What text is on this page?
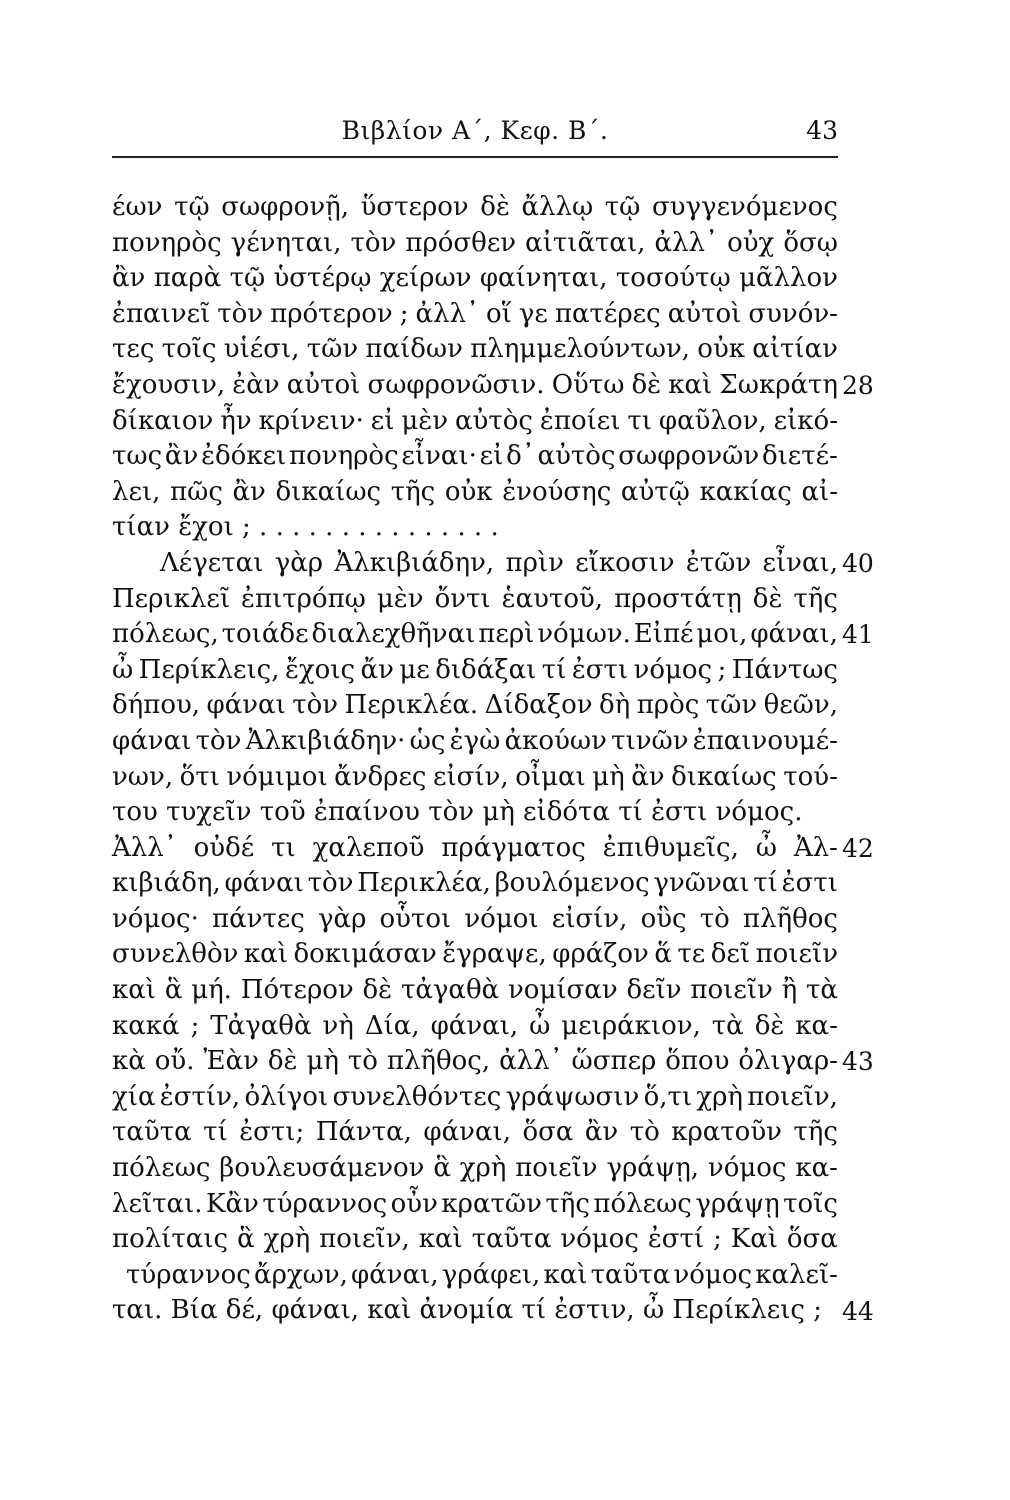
Βιβλίον Α΄, Κεφ. Β΄.	43
έων τῷ σωφρονῇ, ὕστερον δὲ ἄλλῳ τῷ συγγενόμενος
πονηρὸς γένηται, τὸν πρόσθεν αἰτιᾶται, ἀλλ᾽ οὐχ ὅσῳ
ἂν παρὰ τῷ ὑστέρῳ χείρων φαίνηται, τοσούτῳ μᾶλλον
ἐπαινεῖ τὸν πρότερον ; ἀλλ᾽ οἵ γε πατέρες αὐτοὶ συνόν-
τες τοῖς υἱέσι, τῶν παίδων πλημμελούντων, οὐκ αἰτίαν
ἔχουσιν, ἐὰν αὐτοὶ σωφρονῶσιν. Οὕτω δὲ καὶ Σωκράτη
δίκαιον ἦν κρίνειν· εἰ μὲν αὐτὸς ἐποίει τι φαῦλον, εἰκό-
τως ἂν ἐδόκει πονηρὸς εἶναι· εἰ δ᾽ αὐτὸς σωφρονῶν διετέ-
λει, πῶς ἂν δικαίως τῆς οὐκ ἐνούσης αὐτῷ κακίας αἰ-
τίαν ἔχοι ; . . . . . . . . . . . . . . .
Λέγεται γὰρ Ἀλκιβιάδην, πρὶν εἴκοσιν ἐτῶν εἶναι,
Περικλεῖ ἐπιτρόπῳ μὲν ὄντι ἑαυτοῦ, προστάτῃ δὲ τῆς
πόλεως, τοιάδε διαλεχθῆναι περὶ νόμων. Εἰπέ μοι, φάναι,
ὦ Περίκλεις, ἔχοις ἄν με διδάξαι τί ἐστι νόμος ; Πάντως
δήπου, φάναι τὸν Περικλέα. Δίδαξον δὴ πρὸς τῶν θεῶν,
φάναι τὸν Ἀλκιβιάδην· ὡς ἐγὼ ἀκούων τινῶν ἐπαινουμέ-
νων, ὅτι νόμιμοι ἄνδρες εἰσίν, οἶμαι μὴ ἂν δικαίως τού-
του τυχεῖν τοῦ ἐπαίνου τὸν μὴ εἰδότα τί ἐστι νόμος.
Ἀλλ᾽ οὐδέ τι χαλεποῦ πράγματος ἐπιθυμεῖς, ὦ Ἀλ-
κιβιάδη, φάναι τὸν Περικλέα, βουλόμενος γνῶναι τί ἐστι
νόμος· πάντες γὰρ οὗτοι νόμοι εἰσίν, οὓς τὸ πλῆθος
συνελθὸν καὶ δοκιμάσαν ἔγραψε, φράζον ἅ τε δεῖ ποιεῖν
καὶ ἃ μή. Πότερον δὲ τἀγαθὰ νομίσαν δεῖν ποιεῖν ἢ τὰ
κακά ; Τἀγαθὰ νὴ Δία, φάναι, ὦ μειράκιον, τὰ δὲ κα-
κὰ οὔ. Ἐὰν δὲ μὴ τὸ πλῆθος, ἀλλ᾽ ὥσπερ ὅπου ὀλιγαρ-
χία ἐστίν, ὀλίγοι συνελθόντες γράψωσιν ὅ,τι χρὴ ποιεῖν,
ταῦτα τί ἐστι; Πάντα, φάναι, ὅσα ἂν τὸ κρατοῦν τῆς
πόλεως βουλευσάμενον ἃ χρὴ ποιεῖν γράψῃ, νόμος κα-
λεῖται. Κἂν τύραννος οὖν κρατῶν τῆς πόλεως γράψῃ τοῖς
πολίταις ἃ χρὴ ποιεῖν, καὶ ταῦτα νόμος ἐστί ; Καὶ ὅσα
τύραννος ἄρχων, φάναι, γράφει, καὶ ταῦτα νόμος καλεῖ-
ται. Βία δέ, φάναι, καὶ ἀνομία τί ἐστιν, ὦ Περίκλεις ;
28
40
41
42
43
44
